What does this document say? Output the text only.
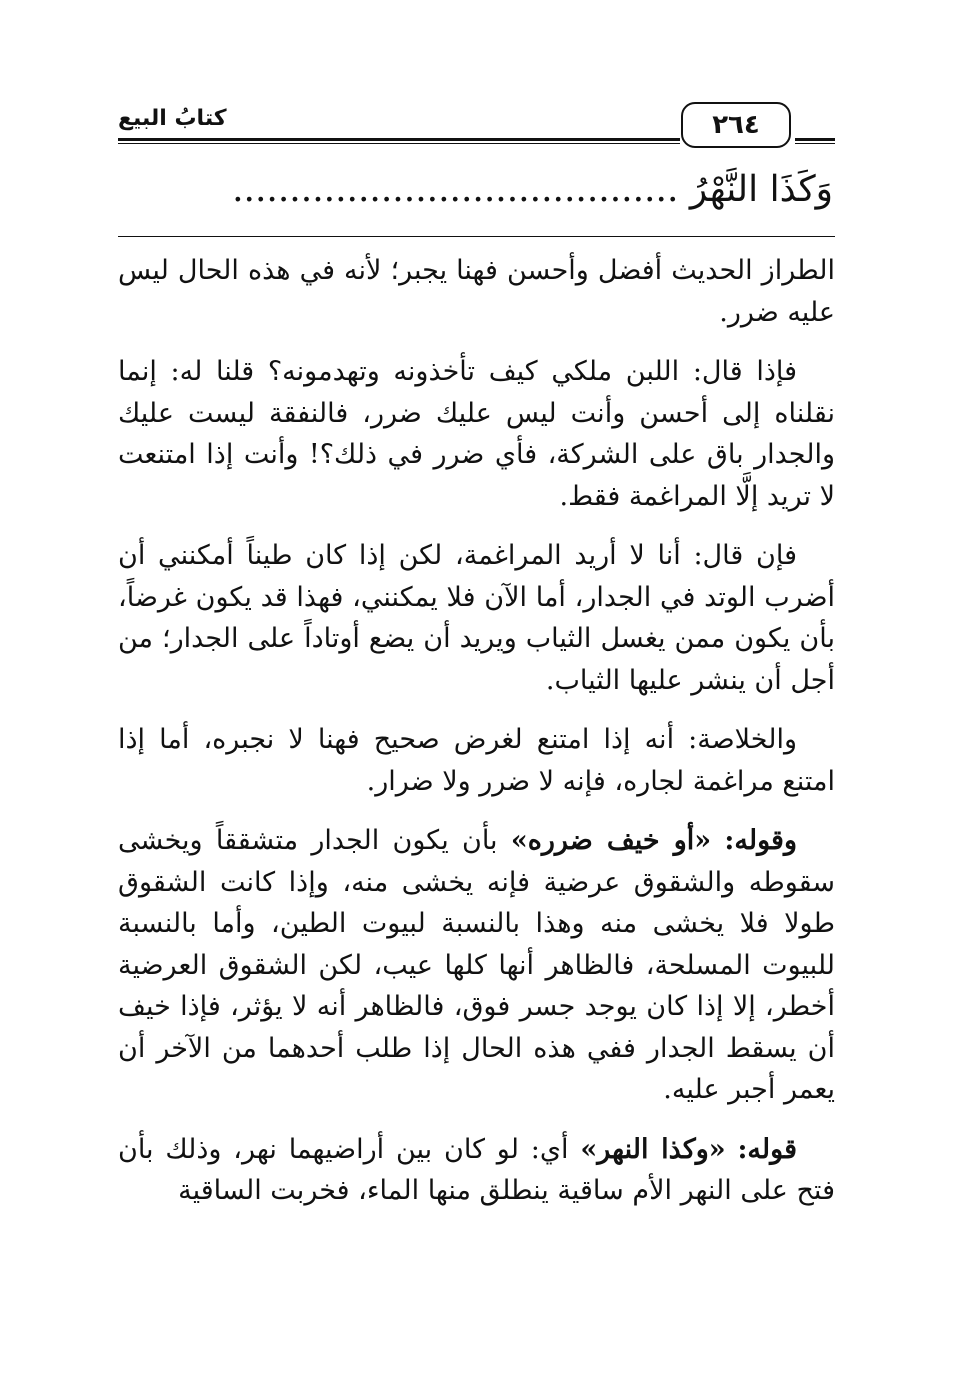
كتابُ البيع	٢٦٤
وَكَذَا النَّهْرُ .......................................

الطراز الحديث أفضل وأحسن فهنا يجبر؛ لأنه في هذه الحال ليس عليه ضرر.

فإذا قال: اللبن ملكي كيف تأخذونه وتهدمونه؟ قلنا له: إنما نقلناه إلى أحسن وأنت ليس عليك ضرر، فالنفقة ليست عليك والجدار باق على الشركة، فأي ضرر في ذلك؟! وأنت إذا امتنعت لا تريد إلَّا المراغمة فقط.

فإن قال: أنا لا أريد المراغمة، لكن إذا كان طيناً أمكنني أن أضرب الوتد في الجدار، أما الآن فلا يمكنني، فهذا قد يكون غرضاً، بأن يكون ممن يغسل الثياب ويريد أن يضع أوتاداً على الجدار؛ من أجل أن ينشر عليها الثياب.

والخلاصة: أنه إذا امتنع لغرض صحيح فهنا لا نجبره، أما إذا امتنع مراغمة لجاره، فإنه لا ضرر ولا ضرار.

وقوله: «أو خيف ضرره» بأن يكون الجدار متشققاً ويخشى سقوطه والشقوق عرضية فإنه يخشى منه، وإذا كانت الشقوق طولا فلا يخشى منه وهذا بالنسبة لبيوت الطين، وأما بالنسبة للبيوت المسلحة، فالظاهر أنها كلها عيب، لكن الشقوق العرضية أخطر، إلا إذا كان يوجد جسر فوق، فالظاهر أنه لا يؤثر، فإذا خيف أن يسقط الجدار ففي هذه الحال إذا طلب أحدهما من الآخر أن يعمر أجبر عليه.

قوله: «وكذا النهر» أي: لو كان بين أراضيهما نهر، وذلك بأن فتح على النهر الأم ساقية ينطلق منها الماء، فخربت الساقية
